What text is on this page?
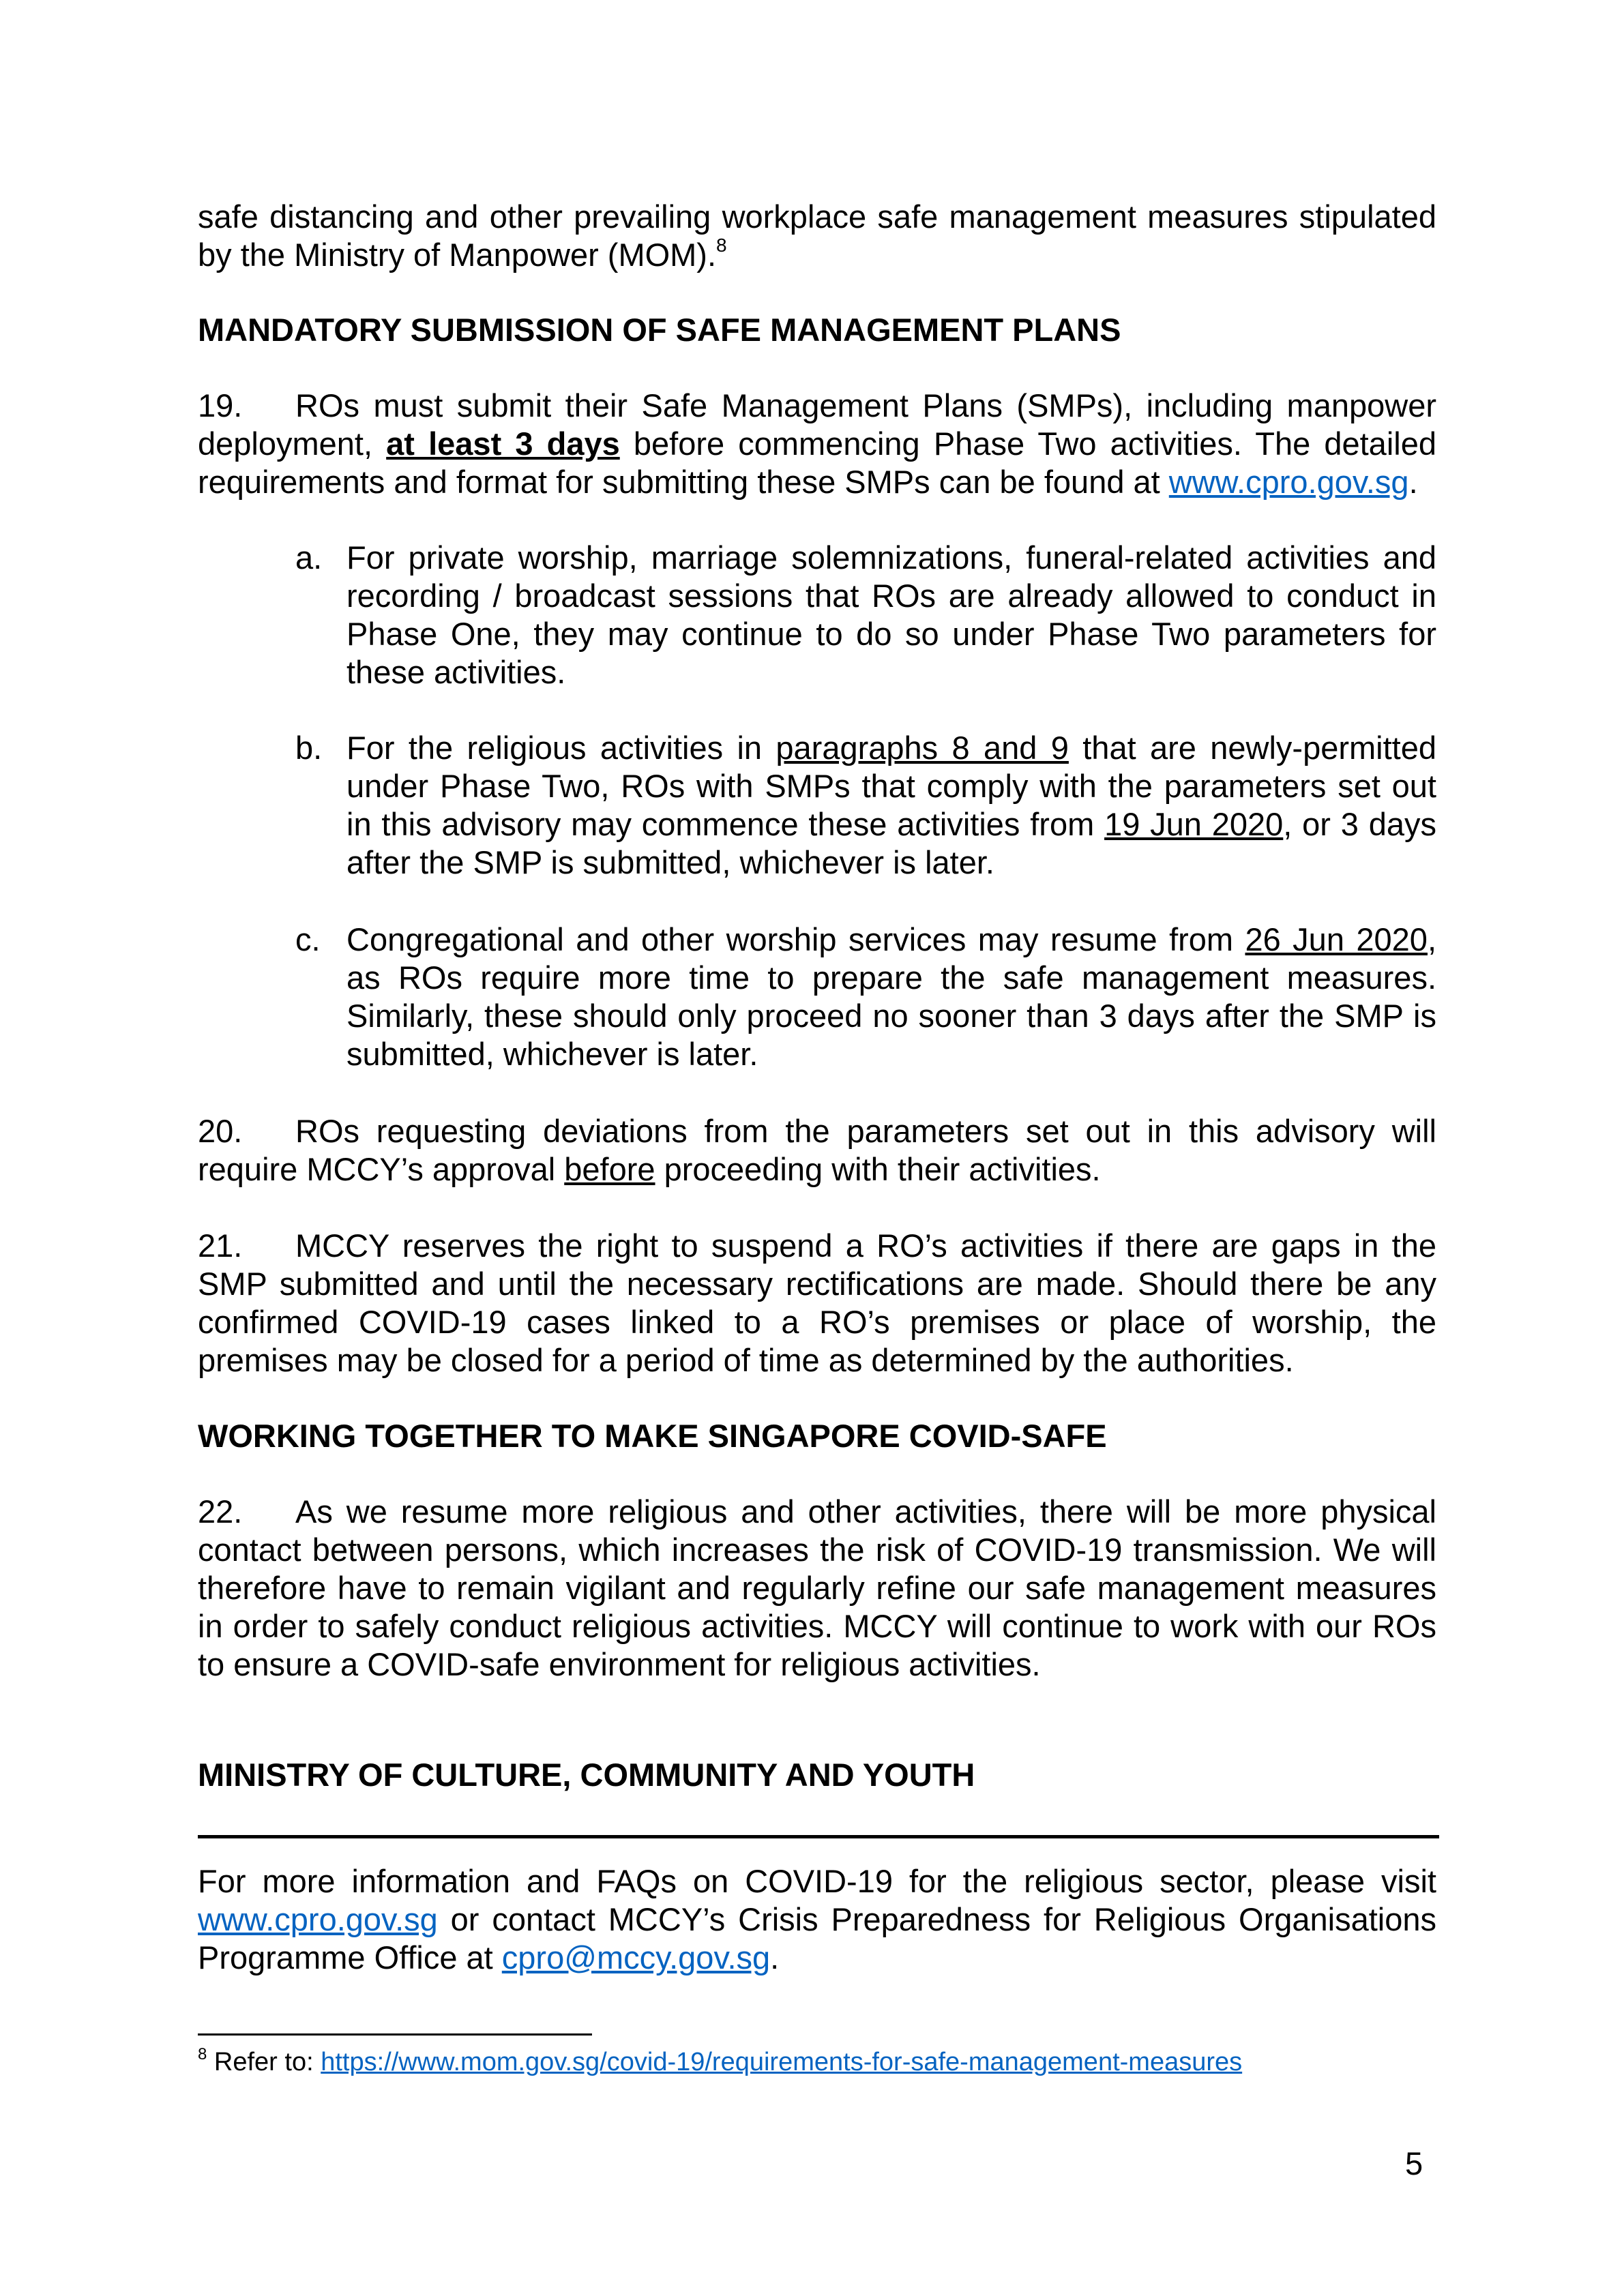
safe distancing and other prevailing workplace safe management measures stipulated by the Ministry of Manpower (MOM).$^8$

MANDATORY SUBMISSION OF SAFE MANAGEMENT PLANS

19. ROs must submit their Safe Management Plans (SMPs), including manpower deployment, at least 3 days before commencing Phase Two activities. The detailed requirements and format for submitting these SMPs can be found at www.cpro.gov.sg.

a. For private worship, marriage solemnizations, funeral-related activities and recording / broadcast sessions that ROs are already allowed to conduct in Phase One, they may continue to do so under Phase Two parameters for these activities.
b. For the religious activities in paragraphs 8 and 9 that are newly-permitted under Phase Two, ROs with SMPs that comply with the parameters set out in this advisory may commence these activities from 19 Jun 2020, or 3 days after the SMP is submitted, whichever is later.
c. Congregational and other worship services may resume from 26 Jun 2020, as ROs require more time to prepare the safe management measures. Similarly, these should only proceed no sooner than 3 days after the SMP is submitted, whichever is later.

20. ROs requesting deviations from the parameters set out in this advisory will require MCCY’s approval before proceeding with their activities.

21. MCCY reserves the right to suspend a RO’s activities if there are gaps in the SMP submitted and until the necessary rectifications are made. Should there be any confirmed COVID-19 cases linked to a RO’s premises or place of worship, the premises may be closed for a period of time as determined by the authorities.

WORKING TOGETHER TO MAKE SINGAPORE COVID-SAFE

22. As we resume more religious and other activities, there will be more physical contact between persons, which increases the risk of COVID-19 transmission. We will therefore have to remain vigilant and regularly refine our safe management measures in order to safely conduct religious activities. MCCY will continue to work with our ROs to ensure a COVID-safe environment for religious activities.

MINISTRY OF CULTURE, COMMUNITY AND YOUTH

For more information and FAQs on COVID-19 for the religious sector, please visit www.cpro.gov.sg or contact MCCY’s Crisis Preparedness for Religious Organisations Programme Office at cpro@mccy.gov.sg.

$^8$ Refer to: https://www.mom.gov.sg/covid-19/requirements-for-safe-management-measures
5
